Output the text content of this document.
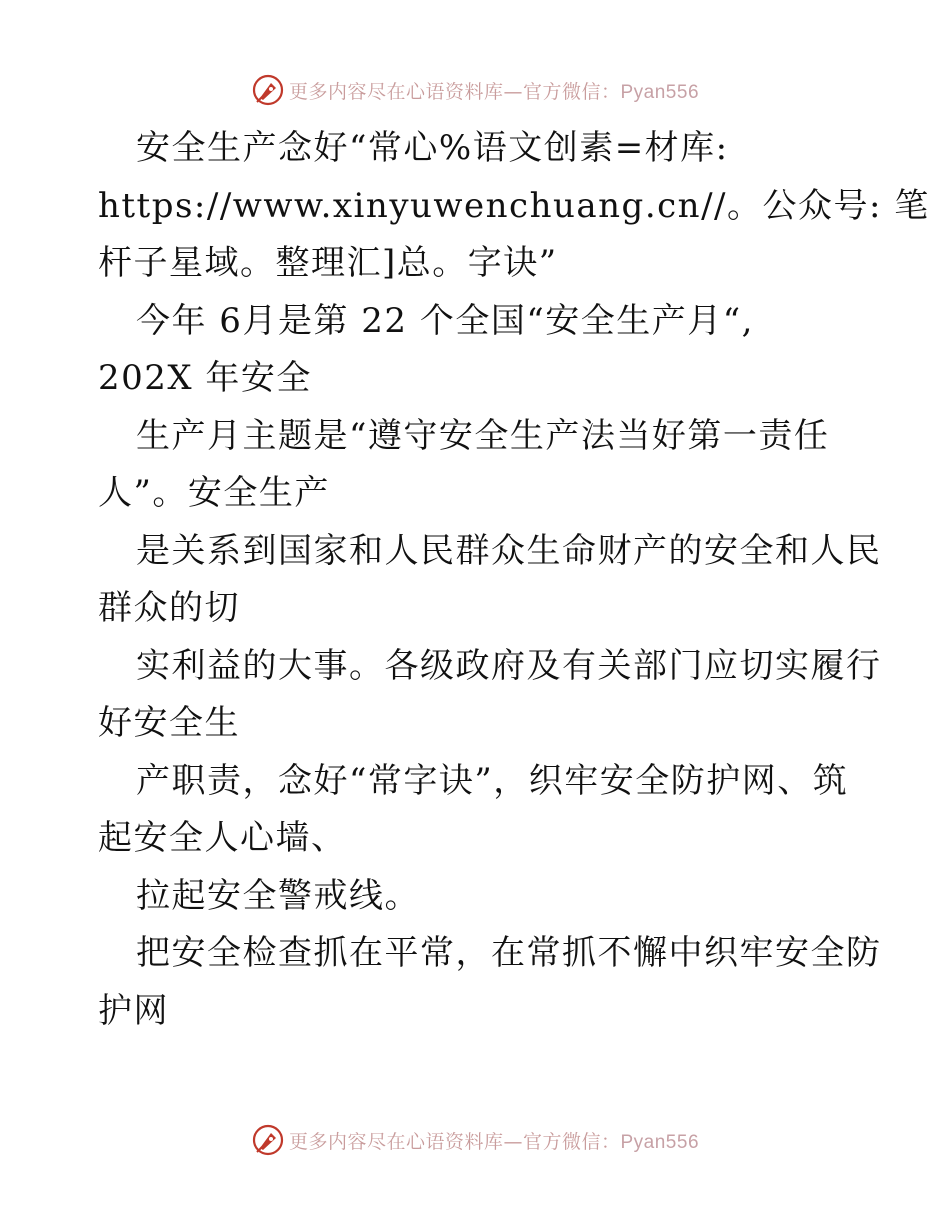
更多内容尽在心语资料库—官方微信：Pyan556
安全生产念好“常心%语文创素=材库:
https://www.xinyuwenchuang.cn//。公众号: 笔
杆子星域。整理汇]总。字诀”
今年 6月是第 22 个全国“安全生产月“,
202X 年安全
生产月主题是“遵守安全生产法当好第一责任
人”。安全生产
是关系到国家和人民群众生命财产的安全和人民
群众的切
实利益的大事。各级政府及有关部门应切实履行
好安全生
产职责，念好“常字诀”，织牢安全防护网、筑
起安全人心墙、
拉起安全警戒线。
把安全检查抓在平常，在常抓不懈中织牢安全防
护网
更多内容尽在心语资料库—官方微信：Pyan556
